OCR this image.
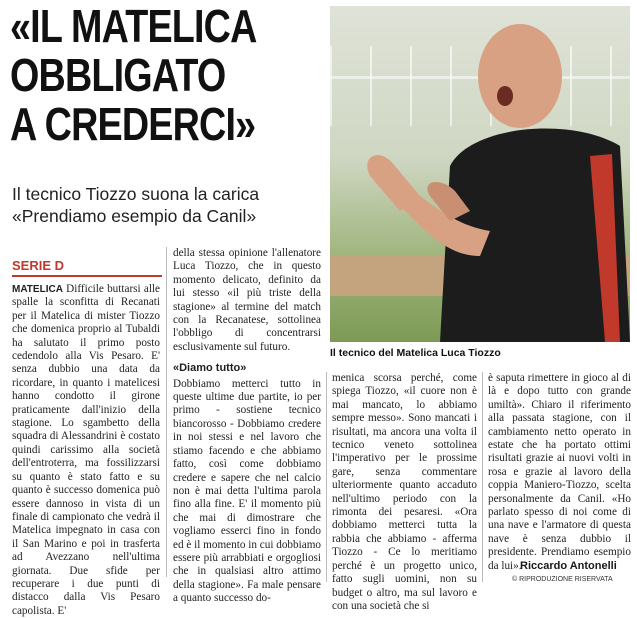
«IL MATELICA
OBBLIGATO
A CREDERCI»
Il tecnico Tiozzo suona la carica
«Prendiamo esempio da Canil»
Il tecnico del Matelica Luca Tiozzo
SERIE D

MATELICA Difficile buttarsi alle spalle la sconfitta di Recanati per il Matelica di mister Tiozzo che domenica proprio al Tubaldi ha salutato il primo posto cedendolo alla Vis Pesaro. E' senza dubbio una data da ricordare, in quanto i matelicesi hanno condotto il girone praticamente dall'inizio della stagione. Lo sgambetto della squadra di Alessandrini è costato quindi carissimo alla società dell'entroterra, ma fossilizzarsi su quanto è stato fatto e su quanto è successo domenica può essere dannoso in vista di un finale di campionato che vedrà il Matelica impegnato in casa con il San Marino e poi in trasferta ad Avezzano nell'ultima giornata. Due sfide per recuperare i due punti di distacco dalla Vis Pesaro capolista. E'

della stessa opinione l'allenatore Luca Tiozzo, che in questo momento delicato, definito da lui stesso «il più triste della stagione» al termine del match con la Recanatese, sottolinea l'obbligo di concentrarsi esclusivamente sul futuro.

«Diamo tutto»

Dobbiamo metterci tutto in queste ultime due partite, io per primo - sostiene tecnico biancorosso - Dobbiamo credere in noi stessi e nel lavoro che stiamo facendo e che abbiamo fatto, così come dobbiamo credere e sapere che nel calcio non è mai detta l'ultima parola fino alla fine. E' il momento più che mai di dimostrare che vogliamo esserci fino in fondo ed è il momento in cui dobbiamo essere più arrabbiati e orgogliosi che in qualsiasi altro attimo della stagione». Fa male pensare a quanto successo do-

menica scorsa perché, come spiega Tiozzo, «il cuore non è mai mancato, lo abbiamo sempre messo». Sono mancati i risultati, ma ancora una volta il tecnico veneto sottolinea l'imperativo per le prossime gare, senza commentare ulteriormente quanto accaduto nell'ultimo periodo con la rimonta dei pesaresi. «Ora dobbiamo metterci tutta la rabbia che abbiamo - afferma Tiozzo - Ce lo meritiamo perché è un progetto unico, fatto sugli uomini, non su budget o altro, ma sul lavoro e con una società che si

è saputa rimettere in gioco al di là e dopo tutto con grande umiltà». Chiaro il riferimento alla passata stagione, con il cambiamento netto operato in estate che ha portato ottimi risultati grazie ai nuovi volti in rosa e grazie al lavoro della coppia Maniero-Tiozzo, scelta personalmente da Canil. «Ho parlato spesso di noi come di una nave e l'armatore di questa nave è senza dubbio il presidente. Prendiamo esempio da lui».

Riccardo Antonelli
© RIPRODUZIONE RISERVATA
